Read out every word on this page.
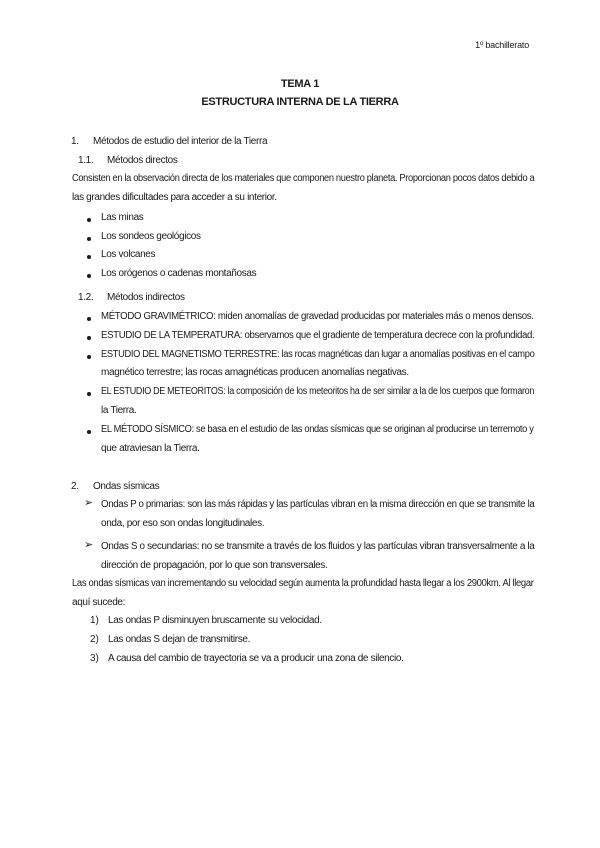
1º bachillerato
TEMA 1
ESTRUCTURA INTERNA DE LA TIERRA
1. Métodos de estudio del interior de la Tierra
1.1. Métodos directos
Consisten en la observación directa de los materiales que componen nuestro planeta. Proporcionan pocos datos debido a
las grandes dificultades para acceder a su interior.
Las minas
Los sondeos geológicos
Los volcanes
Los orógenos o cadenas montañosas
1.2. Métodos indirectos
MÉTODO GRAVIMÉTRICO: miden anomalías de gravedad producidas por materiales más o menos densos.
ESTUDIO DE LA TEMPERATURA: observamos que el gradiente de temperatura decrece con la profundidad.
ESTUDIO DEL MAGNETISMO TERRESTRE: las rocas magnéticas dan lugar a anomalías positivas en el campo
magnético terrestre; las rocas amagnéticas producen anomalías negativas.
EL ESTUDIO DE METEORITOS: la composición de los meteoritos ha de ser similar a la de los cuerpos que formaron
la Tierra.
EL MÉTODO SÍSMICO: se basa en el estudio de las ondas sísmicas que se originan al producirse un terremoto y
que atraviesan la Tierra.
2. Ondas sísmicas
➢ Ondas P o primarias: son las más rápidas y las partículas vibran en la misma dirección en que se transmite la
onda, por eso son ondas longitudinales.
➢ Ondas S o secundarias: no se transmite a través de los fluidos y las partículas vibran transversalmente a la
dirección de propagación, por lo que son transversales.
Las ondas sísmicas van incrementando su velocidad según aumenta la profundidad hasta llegar a los 2900km. Al llegar
aquí sucede:
1) Las ondas P disminuyen bruscamente su velocidad.
2) Las ondas S dejan de transmitirse.
3) A causa del cambio de trayectoria se va a producir una zona de silencio.
